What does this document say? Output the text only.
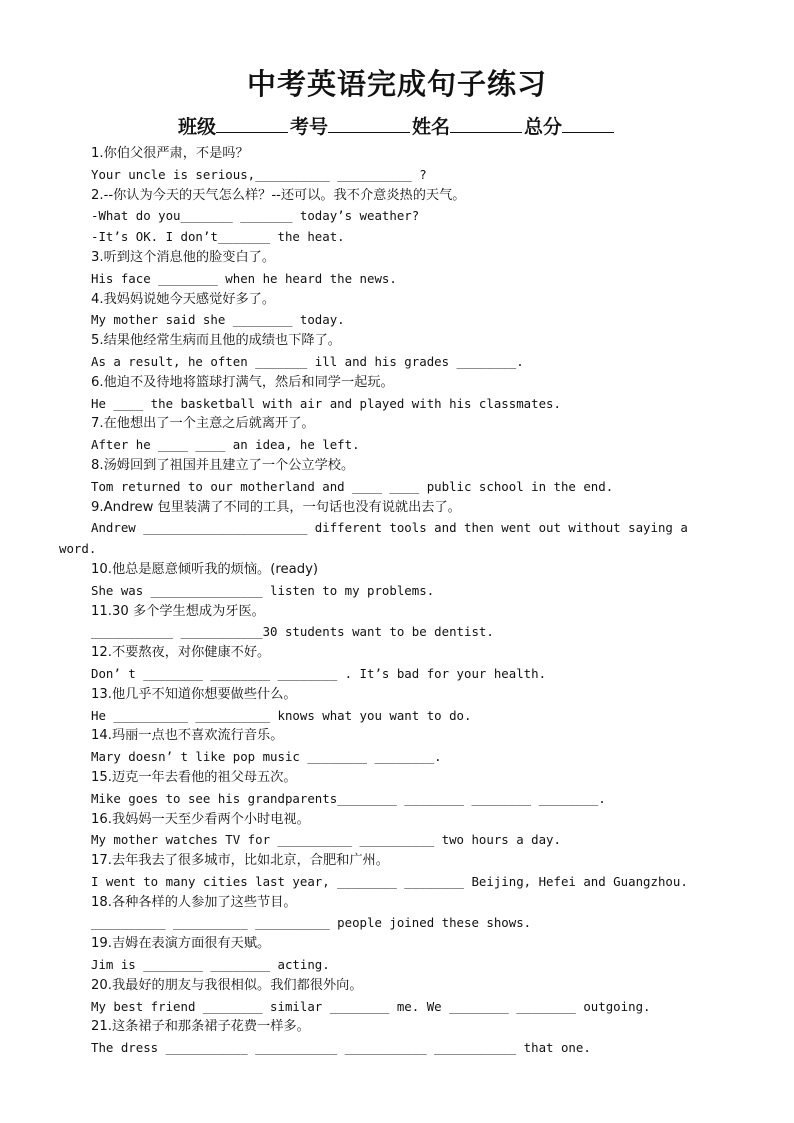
中考英语完成句子练习
班级	考号	姓名	总分
1.你伯父很严肃，不是吗？
Your uncle is serious,__________ __________ ?
2.--你认为今天的天气怎么样？--还可以。我不介意炎热的天气。
-What do you_______ _______ today’s weather?
-It’s OK. I don’t_______ the heat.
3.听到这个消息他的脸变白了。
His face ________ when he heard the news.
4.我妈妈说她今天感觉好多了。
My mother said she ________ today.
5.结果他经常生病而且他的成绩也下降了。
As a result, he often _______ ill and his grades ________.
6.他迫不及待地将篮球打满气，然后和同学一起玩。
He ____ the basketball with air and played with his classmates.
7.在他想出了一个主意之后就离开了。
After he ____ ____ an idea, he left.
8.汤姆回到了祖国并且建立了一个公立学校。
Tom returned to our motherland and ____ ____ public school in the end.
9.Andrew 包里装满了不同的工具，一句话也没有说就出去了。
Andrew ______________________ different tools and then went out without saying a
word.
10.他总是愿意倾听我的烦恼。(ready)
She was _______________ listen to my problems.
11.30 多个学生想成为牙医。
___________ ___________30 students want to be dentist.
12.不要熬夜，对你健康不好。
Don’ t ________ ________ ________ . It’s bad for your health.
13.他几乎不知道你想要做些什么。
He __________ __________ knows what you want to do.
14.玛丽一点也不喜欢流行音乐。
Mary doesn’ t like pop music ________ ________.
15.迈克一年去看他的祖父母五次。
Mike goes to see his grandparents________ ________ ________ ________.
16.我妈妈一天至少看两个小时电视。
My mother watches TV for __________ __________ two hours a day.
17.去年我去了很多城市，比如北京，合肥和广州。
I went to many cities last year, ________ ________ Beijing, Hefei and Guangzhou.
18.各种各样的人参加了这些节目。
__________ __________ __________ people joined these shows.
19.吉姆在表演方面很有天赋。
Jim is ________ ________ acting.
20.我最好的朋友与我很相似。我们都很外向。
My best friend ________ similar ________ me. We ________ ________ outgoing.
21.这条裙子和那条裙子花费一样多。
The dress ___________ ___________ ___________ ___________ that one.
